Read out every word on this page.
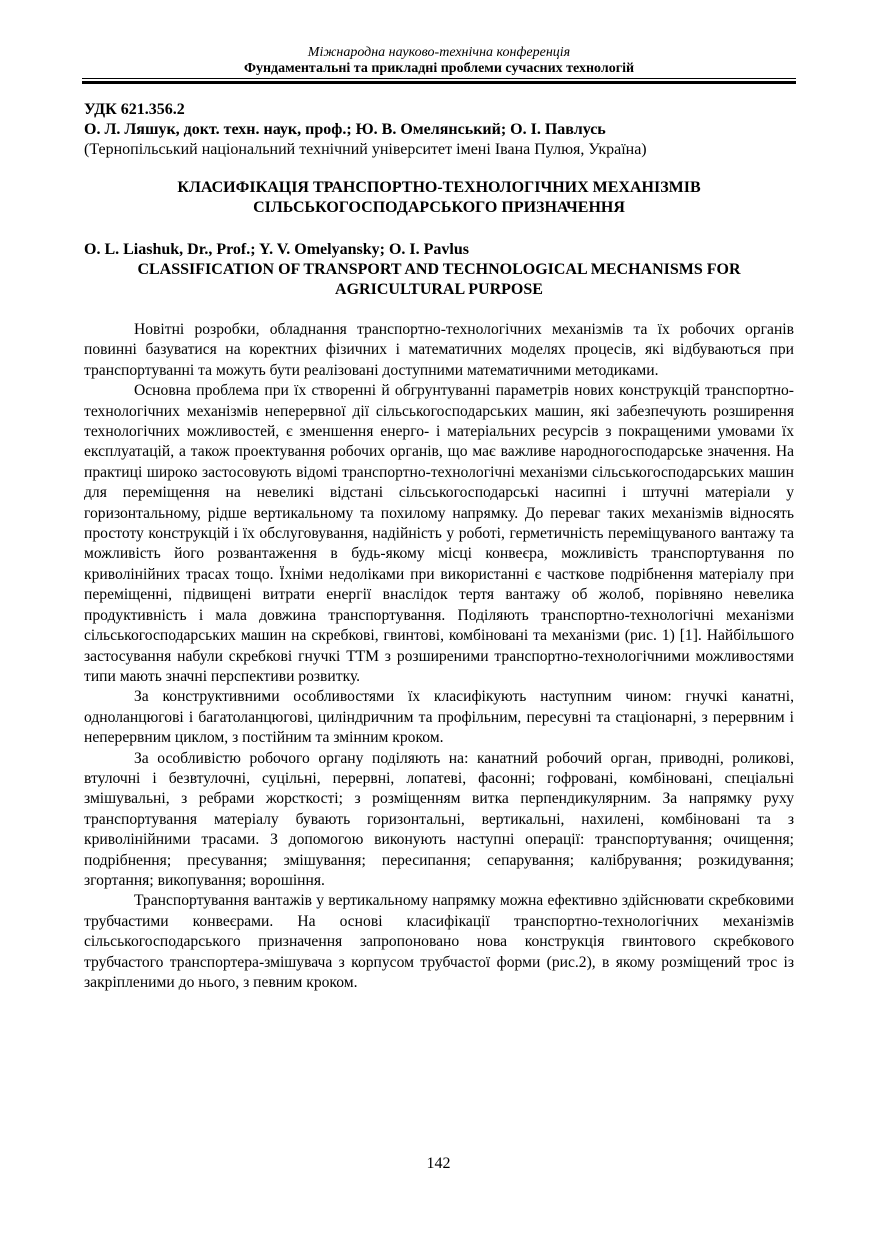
Міжнародна науково-технічна конференція
Фундаментальні та прикладні проблеми сучасних технологій

УДК 621.356.2

О. Л. Ляшук, докт. техн. наук, проф.; Ю. В. Омелянський; О. І. Павлусь

(Тернопільський національний технічний університет імені Івана Пулюя, Україна)

КЛАСИФІКАЦІЯ ТРАНСПОРТНО-ТЕХНОЛОГІЧНИХ МЕХАНІЗМІВ
СІЛЬСЬКОГОСПОДАРСЬКОГО ПРИЗНАЧЕННЯ

O. L. Liashuk, Dr., Prof.; Y. V. Omelyansky; O. I. Pavlus

CLASSIFICATION OF TRANSPORT AND TECHNOLOGICAL MECHANISMS FOR
AGRICULTURAL PURPOSE

Новітні розробки, обладнання транспортно-технологічних механізмів та їх робочих органів повинні базуватися на коректних фізичних і математичних моделях процесів, які відбуваються при транспортуванні та можуть бути реалізовані доступними математичними методиками.

Основна проблема при їх створенні й обгрунтуванні параметрів нових конструкцій транспортно-технологічних механізмів неперервної дії сільськогосподарських машин, які забезпечують розширення технологічних можливостей, є зменшення енерго- і матеріальних ресурсів з покращеними умовами їх експлуатацій, а також проектування робочих органів, що має важливе народногосподарське значення. На практиці широко застосовують відомі транспортно-технологічні механізми сільськогосподарських машин для переміщення на невеликі відстані сільськогосподарські насипні і штучні матеріали у горизонтальному, рідше вертикальному та похилому напрямку. До переваг таких механізмів відносять простоту конструкцій і їх обслуговування, надійність у роботі, герметичність переміщуваного вантажу та можливість його розвантаження в будь-якому місці конвеєра, можливість транспортування по криволінійних трасах тощо. Їхніми недоліками при використанні є часткове подрібнення матеріалу при переміщенні, підвищені витрати енергії внаслідок тертя вантажу об жолоб, порівняно невелика продуктивність і мала довжина транспортування. Поділяють транспортно-технологічні механізми сільськогосподарських машин на скребкові, гвинтові, комбіновані та механізми (рис. 1) [1]. Найбільшого застосування набули скребкові гнучкі ТТМ з розширеними транспортно-технологічними можливостями типи мають значні перспективи розвитку.

За конструктивними особливостями їх класифікують наступним чином: гнучкі канатні, одноланцюгові і багатоланцюгові, циліндричним та профільним, пересувні та стаціонарні, з перервним і неперервним циклом, з постійним та змінним кроком.

За особливістю робочого органу поділяють на: канатний робочий орган, приводні, роликові, втулочні і безвтулочні, суцільні, перервні, лопатеві, фасонні; гофровані, комбіновані, спеціальні змішувальні, з ребрами жорсткості; з розміщенням витка перпендикулярним. За напрямку руху транспортування матеріалу бувають горизонтальні, вертикальні, нахилені, комбіновані та з криволінійними трасами. З допомогою виконують наступні операції: транспортування; очищення; подрібнення; пресування; змішування; пересипання; сепарування; калібрування; розкидування; згортання; викопування; ворошіння.

Транспортування вантажів у вертикальному напрямку можна ефективно здійснювати скребковими трубчастими конвеєрами. На основі класифікації транспортно-технологічних механізмів сільськогосподарського призначення запропоновано нова конструкція гвинтового скребкового трубчастого транспортера-змішувача з корпусом трубчастої форми (рис.2), в якому розміщений трос із закріпленими до нього, з певним кроком.

142
